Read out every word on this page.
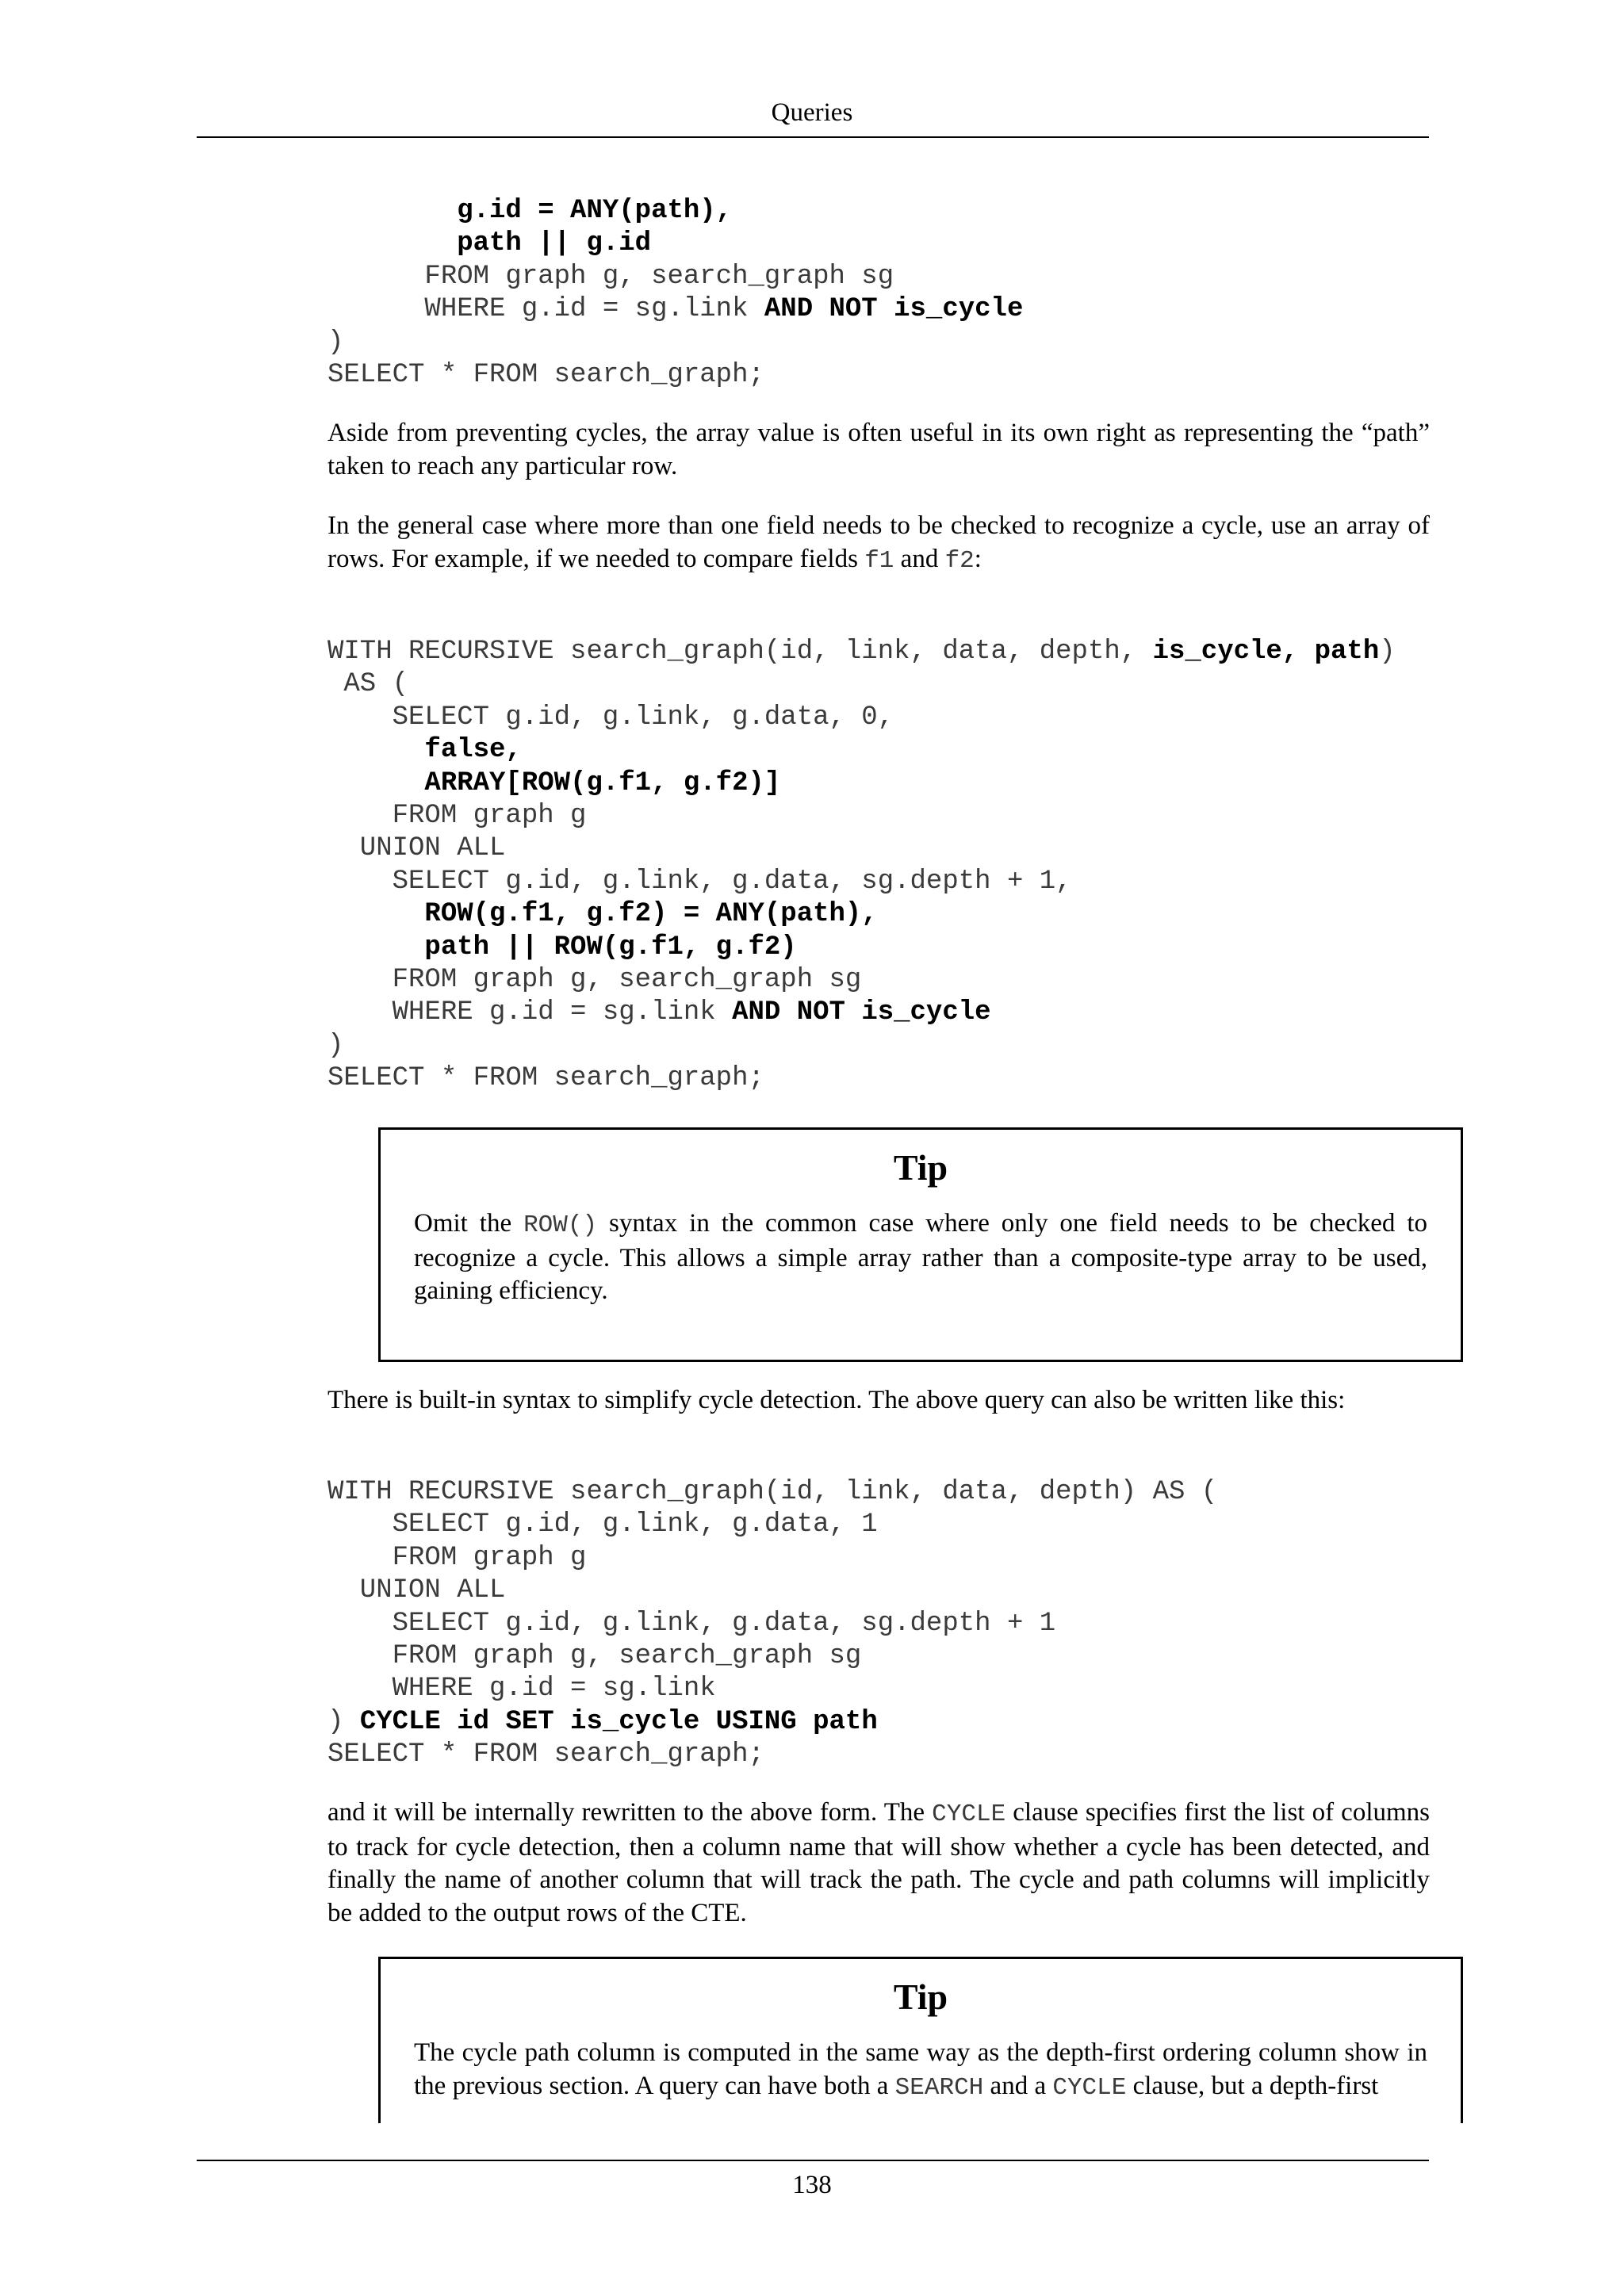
Queries
g.id = ANY(path),
path || g.id
FROM graph g, search_graph sg
WHERE g.id = sg.link AND NOT is_cycle
)
SELECT * FROM search_graph;

Aside from preventing cycles, the array value is often useful in its own right as representing the “path” taken to reach any particular row.

In the general case where more than one field needs to be checked to recognize a cycle, use an array of rows. For example, if we needed to compare fields f1 and f2:

WITH RECURSIVE search_graph(id, link, data, depth, is_cycle, path)
AS (
SELECT g.id, g.link, g.data, 0,
false,
ARRAY[ROW(g.f1, g.f2)]
FROM graph g
UNION ALL
SELECT g.id, g.link, g.data, sg.depth + 1,
ROW(g.f1, g.f2) = ANY(path),
path || ROW(g.f1, g.f2)
FROM graph g, search_graph sg
WHERE g.id = sg.link AND NOT is_cycle
)
SELECT * FROM search_graph;
Tip
Omit the ROW() syntax in the common case where only one field needs to be checked to recognize a cycle. This allows a simple array rather than a composite-type array to be used, gaining efficiency.

There is built-in syntax to simplify cycle detection. The above query can also be written like this:

WITH RECURSIVE search_graph(id, link, data, depth) AS (
SELECT g.id, g.link, g.data, 1
FROM graph g
UNION ALL
SELECT g.id, g.link, g.data, sg.depth + 1
FROM graph g, search_graph sg
WHERE g.id = sg.link
) CYCLE id SET is_cycle USING path
SELECT * FROM search_graph;

and it will be internally rewritten to the above form. The CYCLE clause specifies first the list of columns to track for cycle detection, then a column name that will show whether a cycle has been detected, and finally the name of another column that will track the path. The cycle and path columns will implicitly be added to the output rows of the CTE.

Tip
The cycle path column is computed in the same way as the depth-first ordering column show in the previous section. A query can have both a SEARCH and a CYCLE clause, but a depth-first
138
